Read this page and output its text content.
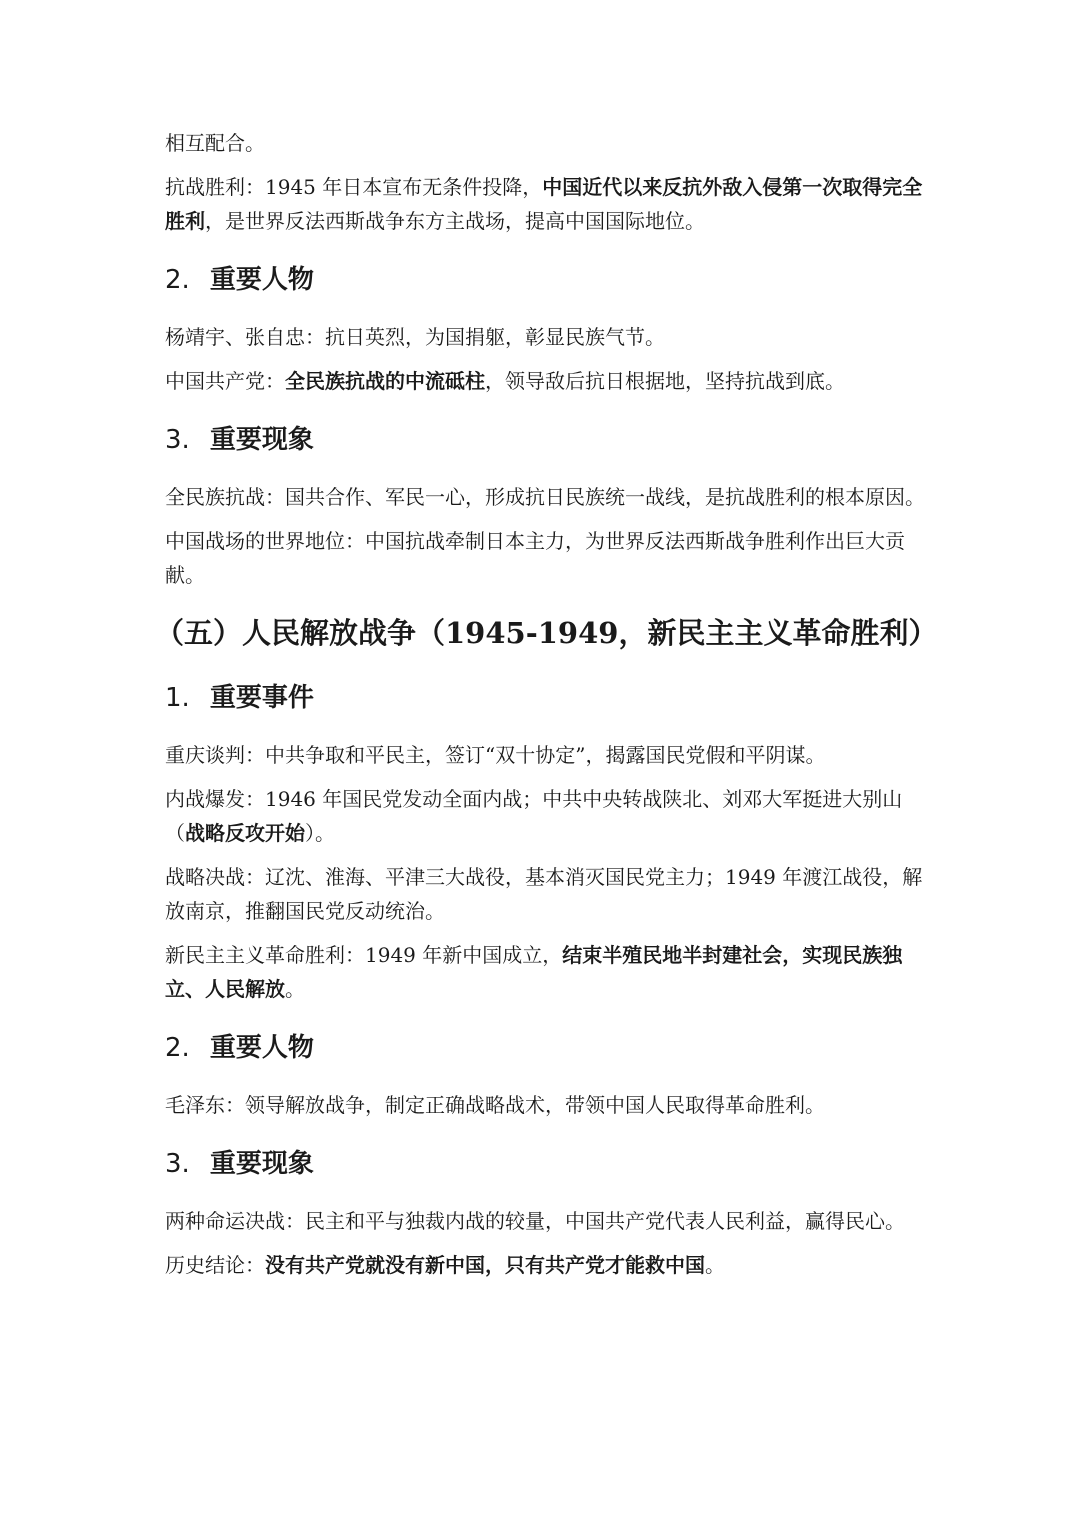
相互配合。

抗战胜利：1945 年日本宣布无条件投降，中国近代以来反抗外敌入侵第一次取得完全胜利，是世界反法西斯战争东方主战场，提高中国国际地位。

2. 重要人物

杨靖宇、张自忠：抗日英烈，为国捐躯，彰显民族气节。

中国共产党：全民族抗战的中流砥柱，领导敌后抗日根据地，坚持抗战到底。

3. 重要现象

全民族抗战：国共合作、军民一心，形成抗日民族统一战线，是抗战胜利的根本原因。

中国战场的世界地位：中国抗战牵制日本主力，为世界反法西斯战争胜利作出巨大贡献。

（五）人民解放战争（1945-1949，新民主主义革命胜利）
1. 重要事件

重庆谈判：中共争取和平民主，签订“双十协定”，揭露国民党假和平阴谋。

内战爆发：1946 年国民党发动全面内战；中共中央转战陕北、刘邓大军挺进大别山（战略反攻开始）。

战略决战：辽沈、淮海、平津三大战役，基本消灭国民党主力；1949 年渡江战役，解放南京，推翻国民党反动统治。

新民主主义革命胜利：1949 年新中国成立，结束半殖民地半封建社会，实现民族独立、人民解放。

2. 重要人物

毛泽东：领导解放战争，制定正确战略战术，带领中国人民取得革命胜利。

3. 重要现象

两种命运决战：民主和平与独裁内战的较量，中国共产党代表人民利益，赢得民心。

历史结论：没有共产党就没有新中国，只有共产党才能救中国。
